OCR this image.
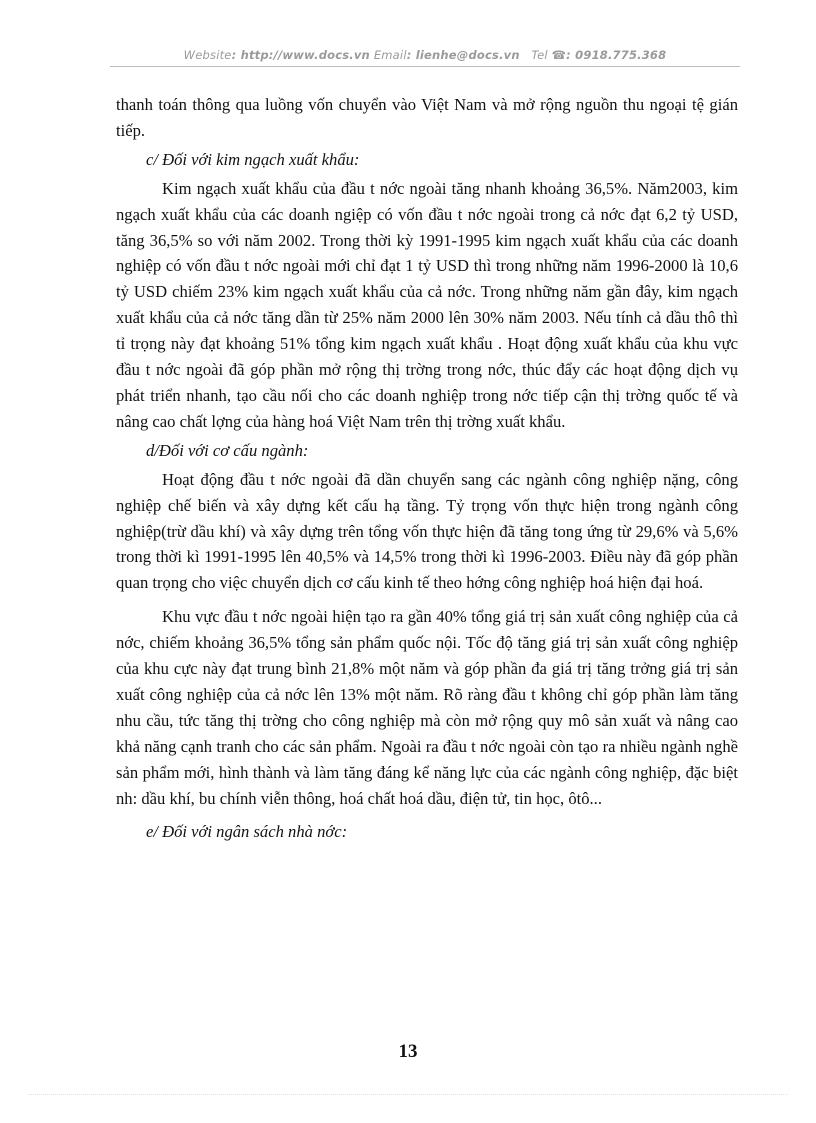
Website: http://www.docs.vn Email: lienhe@docs.vn Tel ☎: 0918.775.368

thanh toán thông qua luồng vốn chuyển vào Việt Nam và mở rộng nguồn thu ngoại tệ gián tiếp.

c/ Đối với kim ngạch xuất khẩu:

Kim ngạch xuất khẩu của đầu t nớc ngoài tăng nhanh khoảng 36,5%. Năm2003, kim ngạch xuất khẩu của các doanh ngiệp có vốn đầu t nớc ngoài trong cả nớc đạt 6,2 tỷ USD, tăng 36,5% so với năm 2002. Trong thời kỳ 1991-1995 kim ngạch xuất khẩu của các doanh nghiệp có vốn đầu t nớc ngoài mới chỉ đạt 1 tỷ USD thì trong những năm 1996-2000 là 10,6 tỷ USD chiếm 23% kim ngạch xuất khẩu của cả nớc. Trong những năm gần đây, kim ngạch xuất khẩu của cả nớc tăng dần từ 25% năm 2000 lên 30% năm 2003. Nếu tính cả dầu thô thì tỉ trọng này đạt khoảng 51% tổng kim ngạch xuất khẩu . Hoạt động xuất khẩu của khu vực đầu t nớc ngoài đã góp phần mở rộng thị trờng trong nớc, thúc đẩy các hoạt động dịch vụ phát triển nhanh, tạo cầu nối cho các doanh nghiệp trong nớc tiếp cận thị trờng quốc tế và nâng cao chất lợng của hàng hoá Việt Nam trên thị trờng xuất khẩu.

d/Đối với cơ cấu ngành:

Hoạt động đầu t nớc ngoài đã dần chuyển sang các ngành công nghiệp nặng, công nghiệp chế biến và xây dựng kết cấu hạ tầng. Tỷ trọng vốn thực hiện trong ngành công nghiệp(trừ dầu khí) và xây dựng trên tổng vốn thực hiện đã tăng tong ứng từ 29,6% và 5,6% trong thời kì 1991-1995 lên 40,5% và 14,5% trong thời kì 1996-2003. Điều này đã góp phần quan trọng cho việc chuyển dịch cơ cấu kinh tế theo hớng công nghiệp hoá hiện đại hoá.

Khu vực đầu t nớc ngoài hiện tạo ra gần 40% tổng giá trị sản xuất công nghiệp của cả nớc, chiếm khoảng 36,5% tổng sản phẩm quốc nội. Tốc độ tăng giá trị sản xuất công nghiệp của khu cực này đạt trung bình 21,8% một năm và góp phần đa giá trị tăng trởng giá trị sản xuất công nghiệp của cả nớc lên 13% một năm. Rõ ràng đầu t không chỉ góp phần làm tăng nhu cầu, tức tăng thị trờng cho công nghiệp mà còn mở rộng quy mô sản xuất và nâng cao khả năng cạnh tranh cho các sản phẩm. Ngoài ra đầu t nớc ngoài còn tạo ra nhiều ngành nghề sản phẩm mới, hình thành và làm tăng đáng kể năng lực của các ngành công nghiệp, đặc biệt nh: dầu khí, bu chính viễn thông, hoá chất hoá dầu, điện tử, tin học, ôtô...

e/ Đối với ngân sách nhà nớc:

13
